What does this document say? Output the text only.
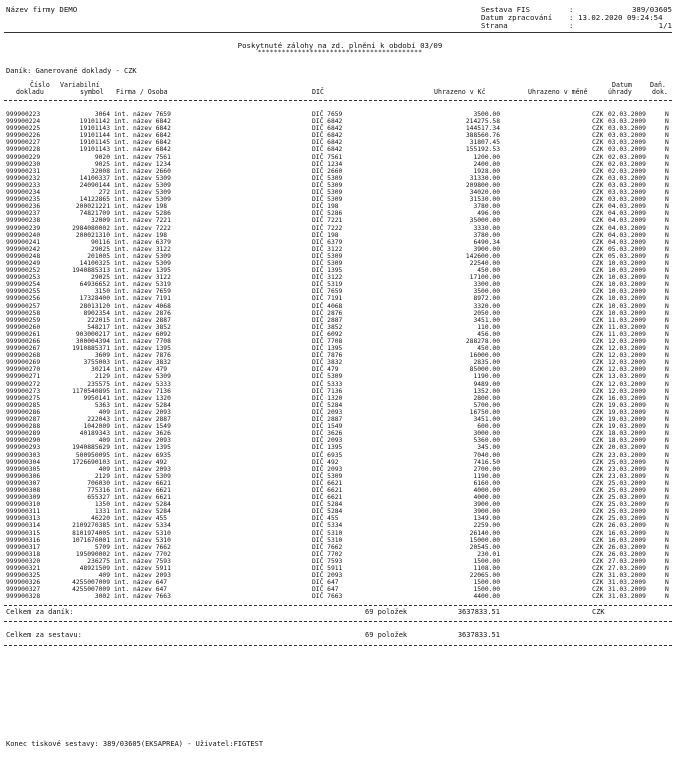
Název firmy DEMO	Sestava FIS	:	389/03605
Datum zpracování : 13.02.2020 09:24:54
Strana	:	1/1
Poskytnuté zálohy na zd. plnění k období 03/09
*****************************************
Daník: Ganerované doklady - CZK
Číslo
dokladu
Variabilní
symbol Firma / Osoba	DIČ	Uhrazeno v Kč	Uhrazeno v měně
Datum
úhrady
Daň.
dok.
999900223	3064 int. název 7659	DIČ 7659	3500.00	CZK 02.03.2009	N
999900224	19101142 int. název 6842	DIČ 6842	214275.58	CZK 03.03.2009	N
999900225	19101143 int. název 6842	DIČ 6842	144517.34	CZK 03.03.2009	N
999900226	19101144 int. název 6842	DIČ 6842	388560.76	CZK 03.03.2009	N
999900227	19101145 int. název 6842	DIČ 6842	31807.45	CZK 03.03.2009	N
999900228	19101143 int. název 6842	DIČ 6842	155192.53	CZK 03.03.2009	N
999900229	9020 int. název 7561	DIČ 7561	1200.00	CZK 02.03.2009	N
999900230	9025 int. název 1234	DIČ 1234	2400.00	CZK 02.03.2009	N
999900231	32008 int. název 2660	DIČ 2660	1928.00	CZK 02.03.2009	N
999900232	14100337 int. název 5309	DIČ 5309	31330.00	CZK 03.03.2009	N
999900233	24090144 int. název 5309	DIČ 5309	209800.00	CZK 03.03.2009	N
999900234	272 int. název 5309	DIČ 5309	34020.00	CZK 03.03.2009	N
999900235	14122865 int. název 5309	DIČ 5309	31530.00	CZK 03.03.2009	N
999900236	200021221 int. název 198	DIČ 198	3780.00	CZK 04.03.2009	N
999900237	74821709 int. název 5286	DIČ 5286	496.00	CZK 04.03.2009	N
999900238	32009 int. název 7221	DIČ 7221	35000.00	CZK 04.03.2009	N
999900239	2984080002 int. název 7222	DIČ 7222	3330.00	CZK 04.03.2009	N
999900240	200021310 int. název 198	DIČ 198	3780.00	CZK 04.03.2009	N
999900241	90116 int. název 6379	DIČ 6379	6490.34	CZK 04.03.2009	N
999900242	29025 int. název 3122	DIČ 3122	3900.00	CZK 05.03.2009	N
999900248	201005 int. název 5309	DIČ 5309	142600.00	CZK 05.03.2009	N
999900249	14100325 int. název 5309	DIČ 5309	22540.00	CZK 10.03.2009	N
999900252	1940885313 int. název 1395	DIČ 1395	450.00	CZK 10.03.2009	N
999900253	29025 int. název 3122	DIČ 3122	17100.00	CZK 10.03.2009	N
999900254	64936652 int. název 5319	DIČ 5319	3300.00	CZK 10.03.2009	N
999900255	3150 int. název 7659	DIČ 7659	3500.00	CZK 10.03.2009	N
999900256	17328400 int. název 7191	DIČ 7191	8972.00	CZK 10.03.2009	N
999900257	28013120 int. název 4068	DIČ 4068	3320.00	CZK 10.03.2009	N
999900258	8902354 int. název 2876	DIČ 2876	2050.00	CZK 10.03.2009	N
999900259	222015 int. název 2887	DIČ 2887	3451.00	CZK 11.03.2009	N
999900260	548217 int. název 3852	DIČ 3852	110.00	CZK 11.03.2009	N
999900261	903000217 int. název 6092	DIČ 6092	456.00	CZK 11.03.2009	N
999900266	300004394 int. název 7708	DIČ 7708	288278.00	CZK 12.03.2009	N
999900267	1910885371 int. název 1395	DIČ 1395	450.00	CZK 12.03.2009	N
999900268	3609 int. název 7876	DIČ 7876	16000.00	CZK 12.03.2009	N
999900269	3755003 int. název 3832	DIČ 3832	2835.00	CZK 12.03.2009	N
999900270	30214 int. název 479	DIČ 479	85000.00	CZK 12.03.2009	N
999900271	2129 int. název 5309	DIČ 5309	1190.00	CZK 13.03.2009	N
999900272	235575 int. název 5333	DIČ 5333	9489.00	CZK 12.03.2009	N
999900273	1170540895 int. název 7136	DIČ 7136	1352.00	CZK 12.03.2009	N
999900275	9950141 int. název 1320	DIČ 1320	2800.00	CZK 16.03.2009	N
999900285	5363 int. název 5284	DIČ 5284	5700.00	CZK 19.03.2009	N
999900286	409 int. název 2093	DIČ 2093	16750.00	CZK 19.03.2009	N
999900287	222043 int. název 2887	DIČ 2887	3451.00	CZK 19.03.2009	N
999900288	1042009 int. název 1549	DIČ 1549	600.00	CZK 19.03.2009	N
999900289	40189343 int. název 3626	DIČ 3626	3000.00	CZK 18.03.2009	N
999900290	409 int. název 2093	DIČ 2093	5360.00	CZK 18.03.2009	N
999900293	1940885629 int. název 1395	DIČ 1395	345.00	CZK 20.03.2009	N
999900303	500950095 int. název 6935	DIČ 6935	7040.00	CZK 23.03.2009	N
999900304	1726690103 int. název 492	DIČ 492	7416.50	CZK 25.03.2009	N
999900305	409 int. název 2093	DIČ 2093	2700.00	CZK 23.03.2009	N
999900306	2129 int. název 5309	DIČ 5309	1190.00	CZK 23.03.2009	N
999900307	706030 int. název 6621	DIČ 6621	6160.00	CZK 25.03.2009	N
999900308	775316 int. název 6621	DIČ 6621	4000.00	CZK 25.03.2009	N
999900309	655327 int. název 6621	DIČ 6621	4000.00	CZK 25.03.2009	N
999900310	1350 int. název 5284	DIČ 5284	3900.00	CZK 25.03.2009	N
999900311	1331 int. název 5284	DIČ 5284	3900.00	CZK 25.03.2009	N
999900313	46220 int. název 455	DIČ 455	1349.00	CZK 25.03.2009	N
999900314	2109270385 int. název 5334	DIČ 5334	2259.00	CZK 26.03.2009	N
999900315	8101974005 int. název 5310	DIČ 5310	26140.00	CZK 16.03.2009	N
999900316	1071676001 int. název 5310	DIČ 5310	15000.00	CZK 16.03.2009	N
999900317	5709 int. název 7662	DIČ 7662	20545.00	CZK 26.03.2009	N
999900318	195090002 int. název 7702	DIČ 7702	230.01	CZK 26.03.2009	N
999900320	236275 int. název 7593	DIČ 7593	1500.00	CZK 27.03.2009	N
999900321	48921509 int. název 5911	DIČ 5911	1108.00	CZK 27.03.2009	N
999900325	409 int. název 2093	DIČ 2093	22065.00	CZK 31.03.2009	N
999900326	4255007009 int. název 647	DIČ 647	1500.00	CZK 31.03.2009	N
999900327	4255007009 int. název 647	DIČ 647	1500.00	CZK 31.03.2009	N
999900328	3002 int. název 7663	DIČ 7663	4400.00	CZK 31.03.2009	N
Celkem za daník:	69 položek	3637833.51	CZK
Celkem za sestavu:	69 položek	3637833.51
Konec tiskové sestavy: 389/03605(EKSAPREA) - Uživatel:FIGTEST
